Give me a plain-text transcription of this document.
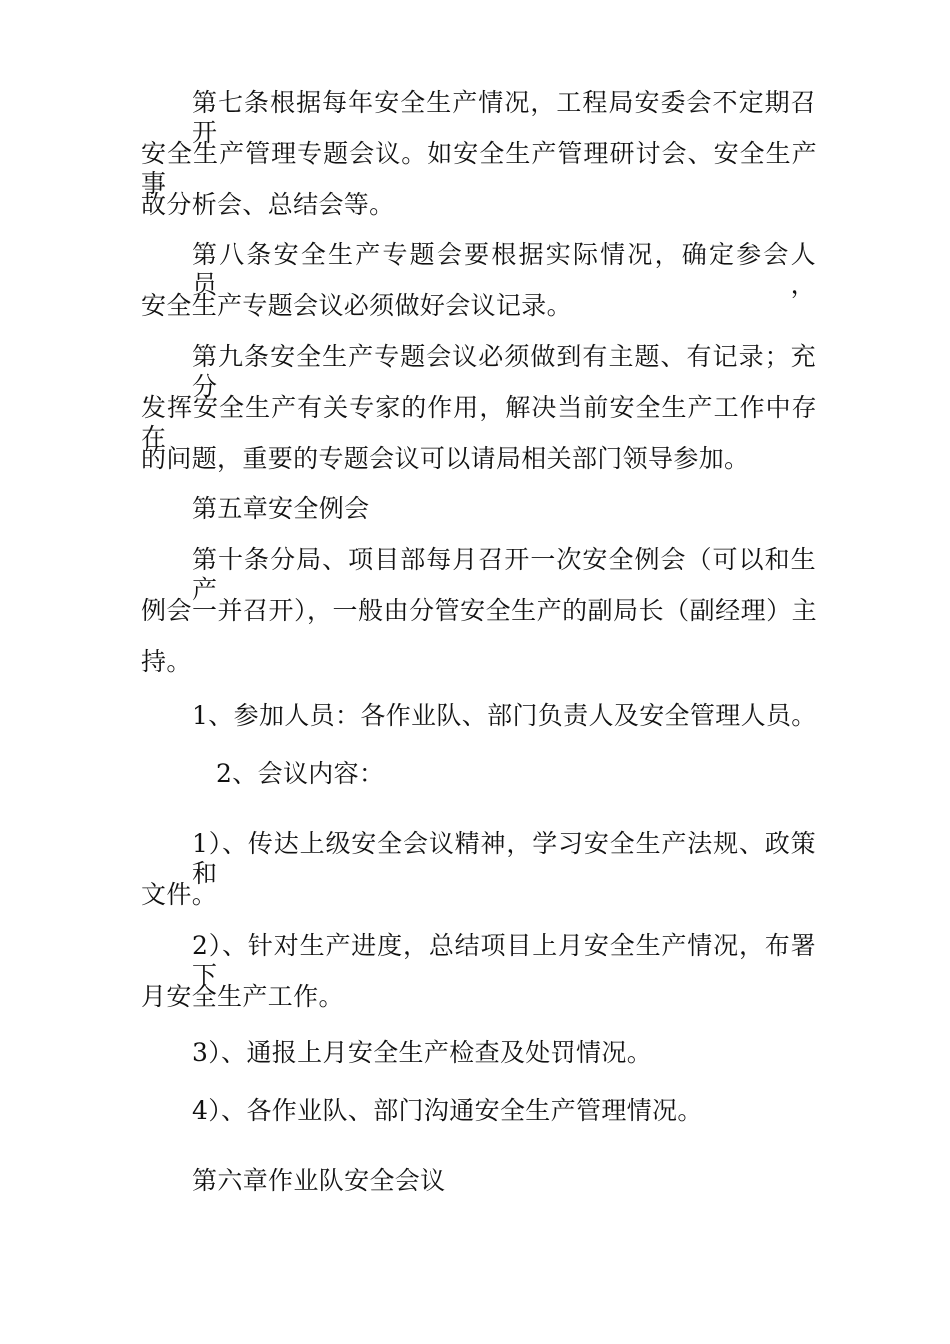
第七条根据每年安全生产情况，工程局安委会不定期召开
安全生产管理专题会议。如安全生产管理研讨会、安全生产事
故分析会、总结会等。
第八条安全生产专题会要根据实际情况，确定参会人员，
安全生产专题会议必须做好会议记录。
第九条安全生产专题会议必须做到有主题、有记录；充分
发挥安全生产有关专家的作用，解决当前安全生产工作中存在
的问题，重要的专题会议可以请局相关部门领导参加。
第五章安全例会
第十条分局、项目部每月召开一次安全例会（可以和生产
例会一并召开），一般由分管安全生产的副局长（副经理）主
持。
1、参加人员：各作业队、部门负责人及安全管理人员。
2、会议内容：
1）、传达上级安全会议精神，学习安全生产法规、政策和
文件。
2）、针对生产进度，总结项目上月安全生产情况，布署下
月安全生产工作。
3）、通报上月安全生产检查及处罚情况。
4）、各作业队、部门沟通安全生产管理情况。
第六章作业队安全会议
